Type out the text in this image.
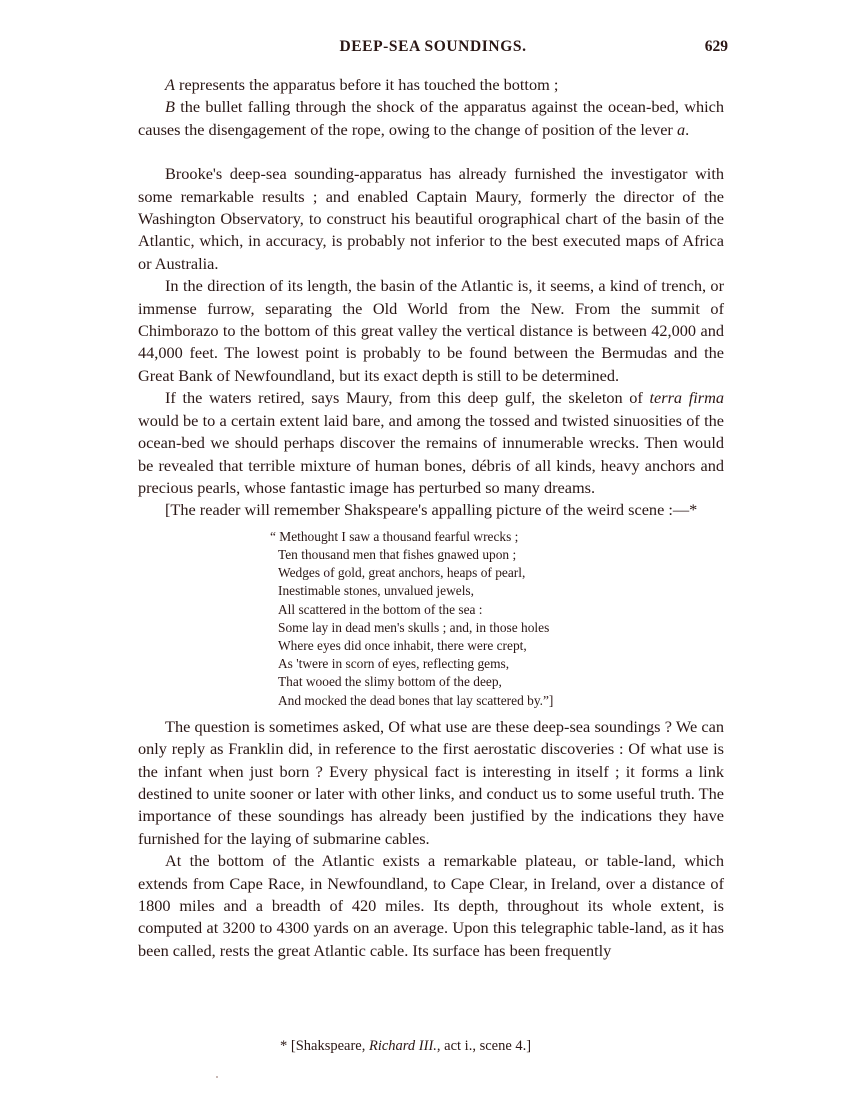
DEEP-SEA SOUNDINGS.	629

A represents the apparatus before it has touched the bottom ;

B the bullet falling through the shock of the apparatus against the ocean-bed, which causes the disengagement of the rope, owing to the change of position of the lever a.

Brooke's deep-sea sounding-apparatus has already furnished the investigator with some remarkable results ; and enabled Captain Maury, formerly the director of the Washington Observatory, to construct his beautiful orographical chart of the basin of the Atlantic, which, in accuracy, is probably not inferior to the best executed maps of Africa or Australia.

In the direction of its length, the basin of the Atlantic is, it seems, a kind of trench, or immense furrow, separating the Old World from the New. From the summit of Chimborazo to the bottom of this great valley the vertical distance is between 42,000 and 44,000 feet. The lowest point is probably to be found between the Bermudas and the Great Bank of Newfoundland, but its exact depth is still to be determined.

If the waters retired, says Maury, from this deep gulf, the skeleton of terra firma would be to a certain extent laid bare, and among the tossed and twisted sinuosities of the ocean-bed we should perhaps discover the remains of innumerable wrecks. Then would be revealed that terrible mixture of human bones, débris of all kinds, heavy anchors and precious pearls, whose fantastic image has perturbed so many dreams.

[The reader will remember Shakspeare's appalling picture of the weird scene :—*

“ Methought I saw a thousand fearful wrecks ;
Ten thousand men that fishes gnawed upon ;
Wedges of gold, great anchors, heaps of pearl,
Inestimable stones, unvalued jewels,
All scattered in the bottom of the sea :
Some lay in dead men's skulls ; and, in those holes
Where eyes did once inhabit, there were crept,
As 'twere in scorn of eyes, reflecting gems,
That wooed the slimy bottom of the deep,
And mocked the dead bones that lay scattered by.”]

The question is sometimes asked, Of what use are these deep-sea soundings ? We can only reply as Franklin did, in reference to the first aerostatic discoveries : Of what use is the infant when just born ? Every physical fact is interesting in itself ; it forms a link destined to unite sooner or later with other links, and conduct us to some useful truth. The importance of these soundings has already been justified by the indications they have furnished for the laying of submarine cables.

At the bottom of the Atlantic exists a remarkable plateau, or table-land, which extends from Cape Race, in Newfoundland, to Cape Clear, in Ireland, over a distance of 1800 miles and a breadth of 420 miles. Its depth, throughout its whole extent, is computed at 3200 to 4300 yards on an average. Upon this telegraphic table-land, as it has been called, rests the great Atlantic cable. Its surface has been frequently

* [Shakspeare, Richard III., act i., scene 4.]
